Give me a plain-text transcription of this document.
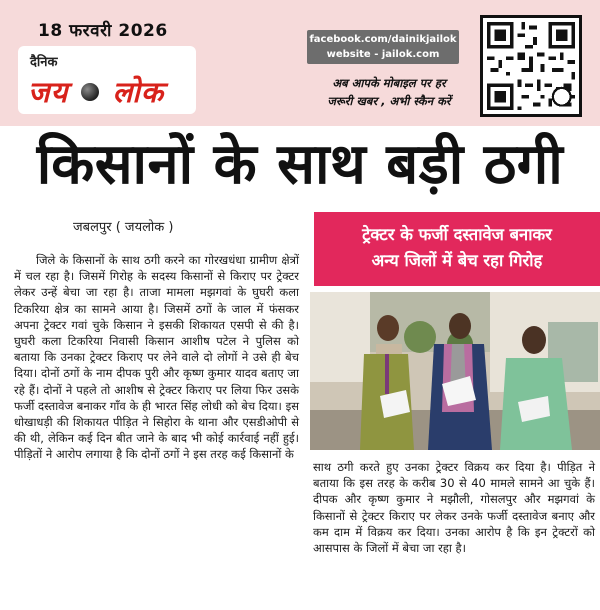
18 फरवरी 2026
दैनिक
जय लोक
facebook.com/dainikjailok
website - jailok.com
अब आपके मोबाइल पर हर
जरूरी खबर , अभी स्कैन करें
किसानों के साथ बड़ी ठगी
जबलपुर ( जयलोक )	ट्रेक्टर के फर्जी दस्तावेज बनाकर
अन्य जिलों में बेच रहा गिरोह

जिले के किसानों के साथ ठगी करने का गोरखधंधा ग्रामीण क्षेत्रों में चल रहा है। जिसमें गिरोह के सदस्य किसानों से किराए पर ट्रेक्टर लेकर उन्हें बेचा जा रहा है। ताजा मामला मझगवां के घुघरी कला टिकरिया क्षेत्र का सामने आया है। जिसमें ठगों के जाल में फंसकर अपना ट्रेक्टर गवां चुके किसान ने इसकी शिकायत एसपी से की है। घुघरी कला टिकरिया निवासी किसान आशीष पटेल ने पुलिस को बताया कि उनका ट्रेक्टर किराए पर लेने वाले दो लोगों ने उसे ही बेच दिया। दोनों ठगों के नाम दीपक पुरी और कृष्ण कुमार यादव बताए जा रहे हैं। दोनों ने पहले तो आशीष से ट्रेक्टर किराए पर लिया फिर उसके फर्जी दस्तावेज बनाकर गाँव के ही भारत सिंह लोधी को बेच दिया। इस धोखाधड़ी की शिकायत पीड़ित ने सिहोरा के थाना और एसडीओपी से की थी, लेकिन कई दिन बीत जाने के बाद भी कोई कार्रवाई नहीं हुई। पीड़ितों ने आरोप लगाया है कि दोनों ठगों ने इस तरह कई किसानों के

साथ ठगी करते हुए उनका ट्रेक्टर विक्रय कर दिया है। पीड़ित ने बताया कि इस तरह के करीब 30 से 40 मामले सामने आ चुके हैं। दीपक और कृष्ण कुमार ने मझौली, गोसलपुर और मझगवां के किसानों से ट्रेक्टर किराए पर लेकर उनके फर्जी दस्तावेज बनाए और कम दाम में विक्रय कर दिया। उनका आरोप है कि इन ट्रेक्टरों को आसपास के जिलों में बेचा जा रहा है।
